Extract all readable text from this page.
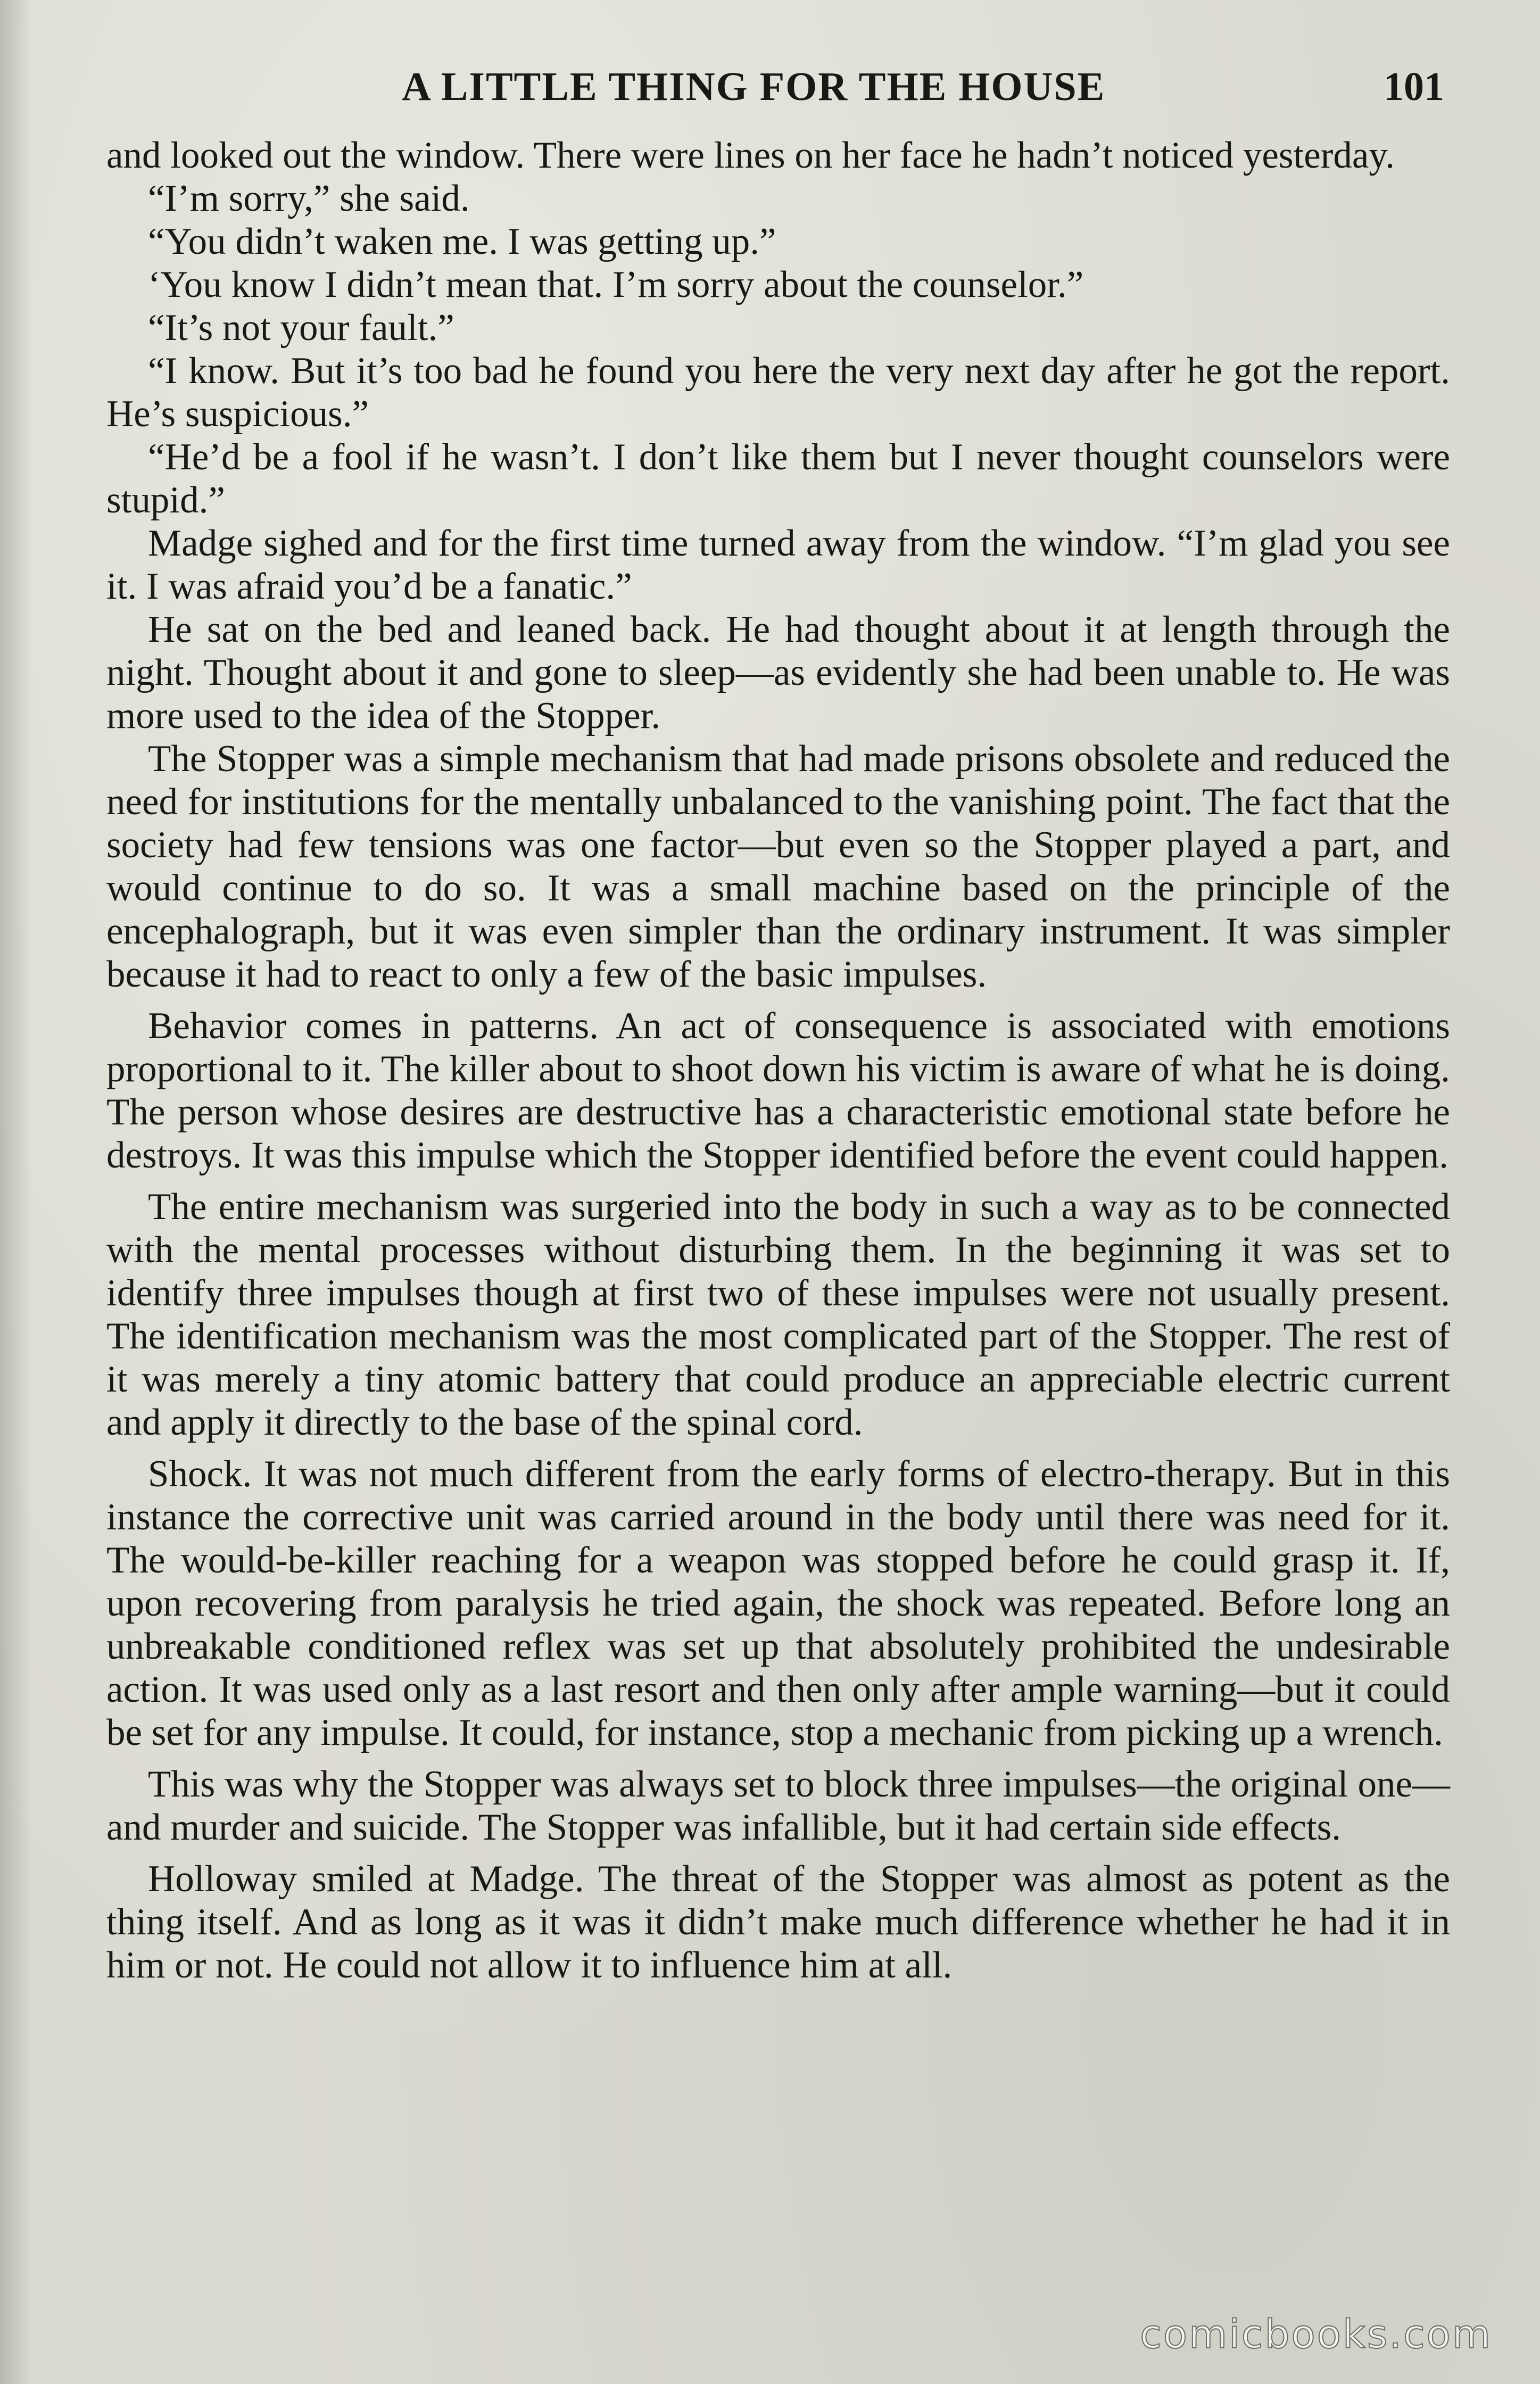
A LITTLE THING FOR THE HOUSE	101

and looked out the window. There were lines on her face he hadn’t noticed yesterday.

“I’m sorry,” she said.

“You didn’t waken me. I was getting up.”

‘You know I didn’t mean that. I’m sorry about the counselor.”

“It’s not your fault.”

“I know. But it’s too bad he found you here the very next day after he got the report. He’s suspicious.”

“He’d be a fool if he wasn’t. I don’t like them but I never thought counselors were stupid.”

Madge sighed and for the first time turned away from the window. “I’m glad you see it. I was afraid you’d be a fanatic.”

He sat on the bed and leaned back. He had thought about it at length through the night. Thought about it and gone to sleep—as evidently she had been unable to. He was more used to the idea of the Stopper.

The Stopper was a simple mechanism that had made prisons obsolete and reduced the need for institutions for the mentally unbalanced to the vanishing point. The fact that the society had few tensions was one factor—but even so the Stopper played a part, and would continue to do so. It was a small machine based on the principle of the encephalograph, but it was even simpler than the ordinary instrument. It was simpler because it had to react to only a few of the basic impulses.

Behavior comes in patterns. An act of consequence is associated with emotions proportional to it. The killer about to shoot down his victim is aware of what he is doing. The person whose desires are destructive has a characteristic emotional state before he destroys. It was this impulse which the Stopper identified before the event could happen.

The entire mechanism was surgeried into the body in such a way as to be connected with the mental processes without disturbing them. In the beginning it was set to identify three impulses though at first two of these impulses were not usually present. The identification mechanism was the most complicated part of the Stopper. The rest of it was merely a tiny atomic battery that could produce an appreciable electric current and apply it directly to the base of the spinal cord.

Shock. It was not much different from the early forms of electro-therapy. But in this instance the corrective unit was carried around in the body until there was need for it. The would-be-killer reaching for a weapon was stopped before he could grasp it. If, upon recovering from paralysis he tried again, the shock was repeated. Before long an unbreakable conditioned reflex was set up that absolutely prohibited the undesirable action. It was used only as a last resort and then only after ample warning—but it could be set for any impulse. It could, for instance, stop a mechanic from picking up a wrench.

This was why the Stopper was always set to block three impulses—the original one—and murder and suicide. The Stopper was infallible, but it had certain side effects.

Holloway smiled at Madge. The threat of the Stopper was almost as potent as the thing itself. And as long as it was it didn’t make much difference whether he had it in him or not. He could not allow it to influence him at all.

comicbooks.com
